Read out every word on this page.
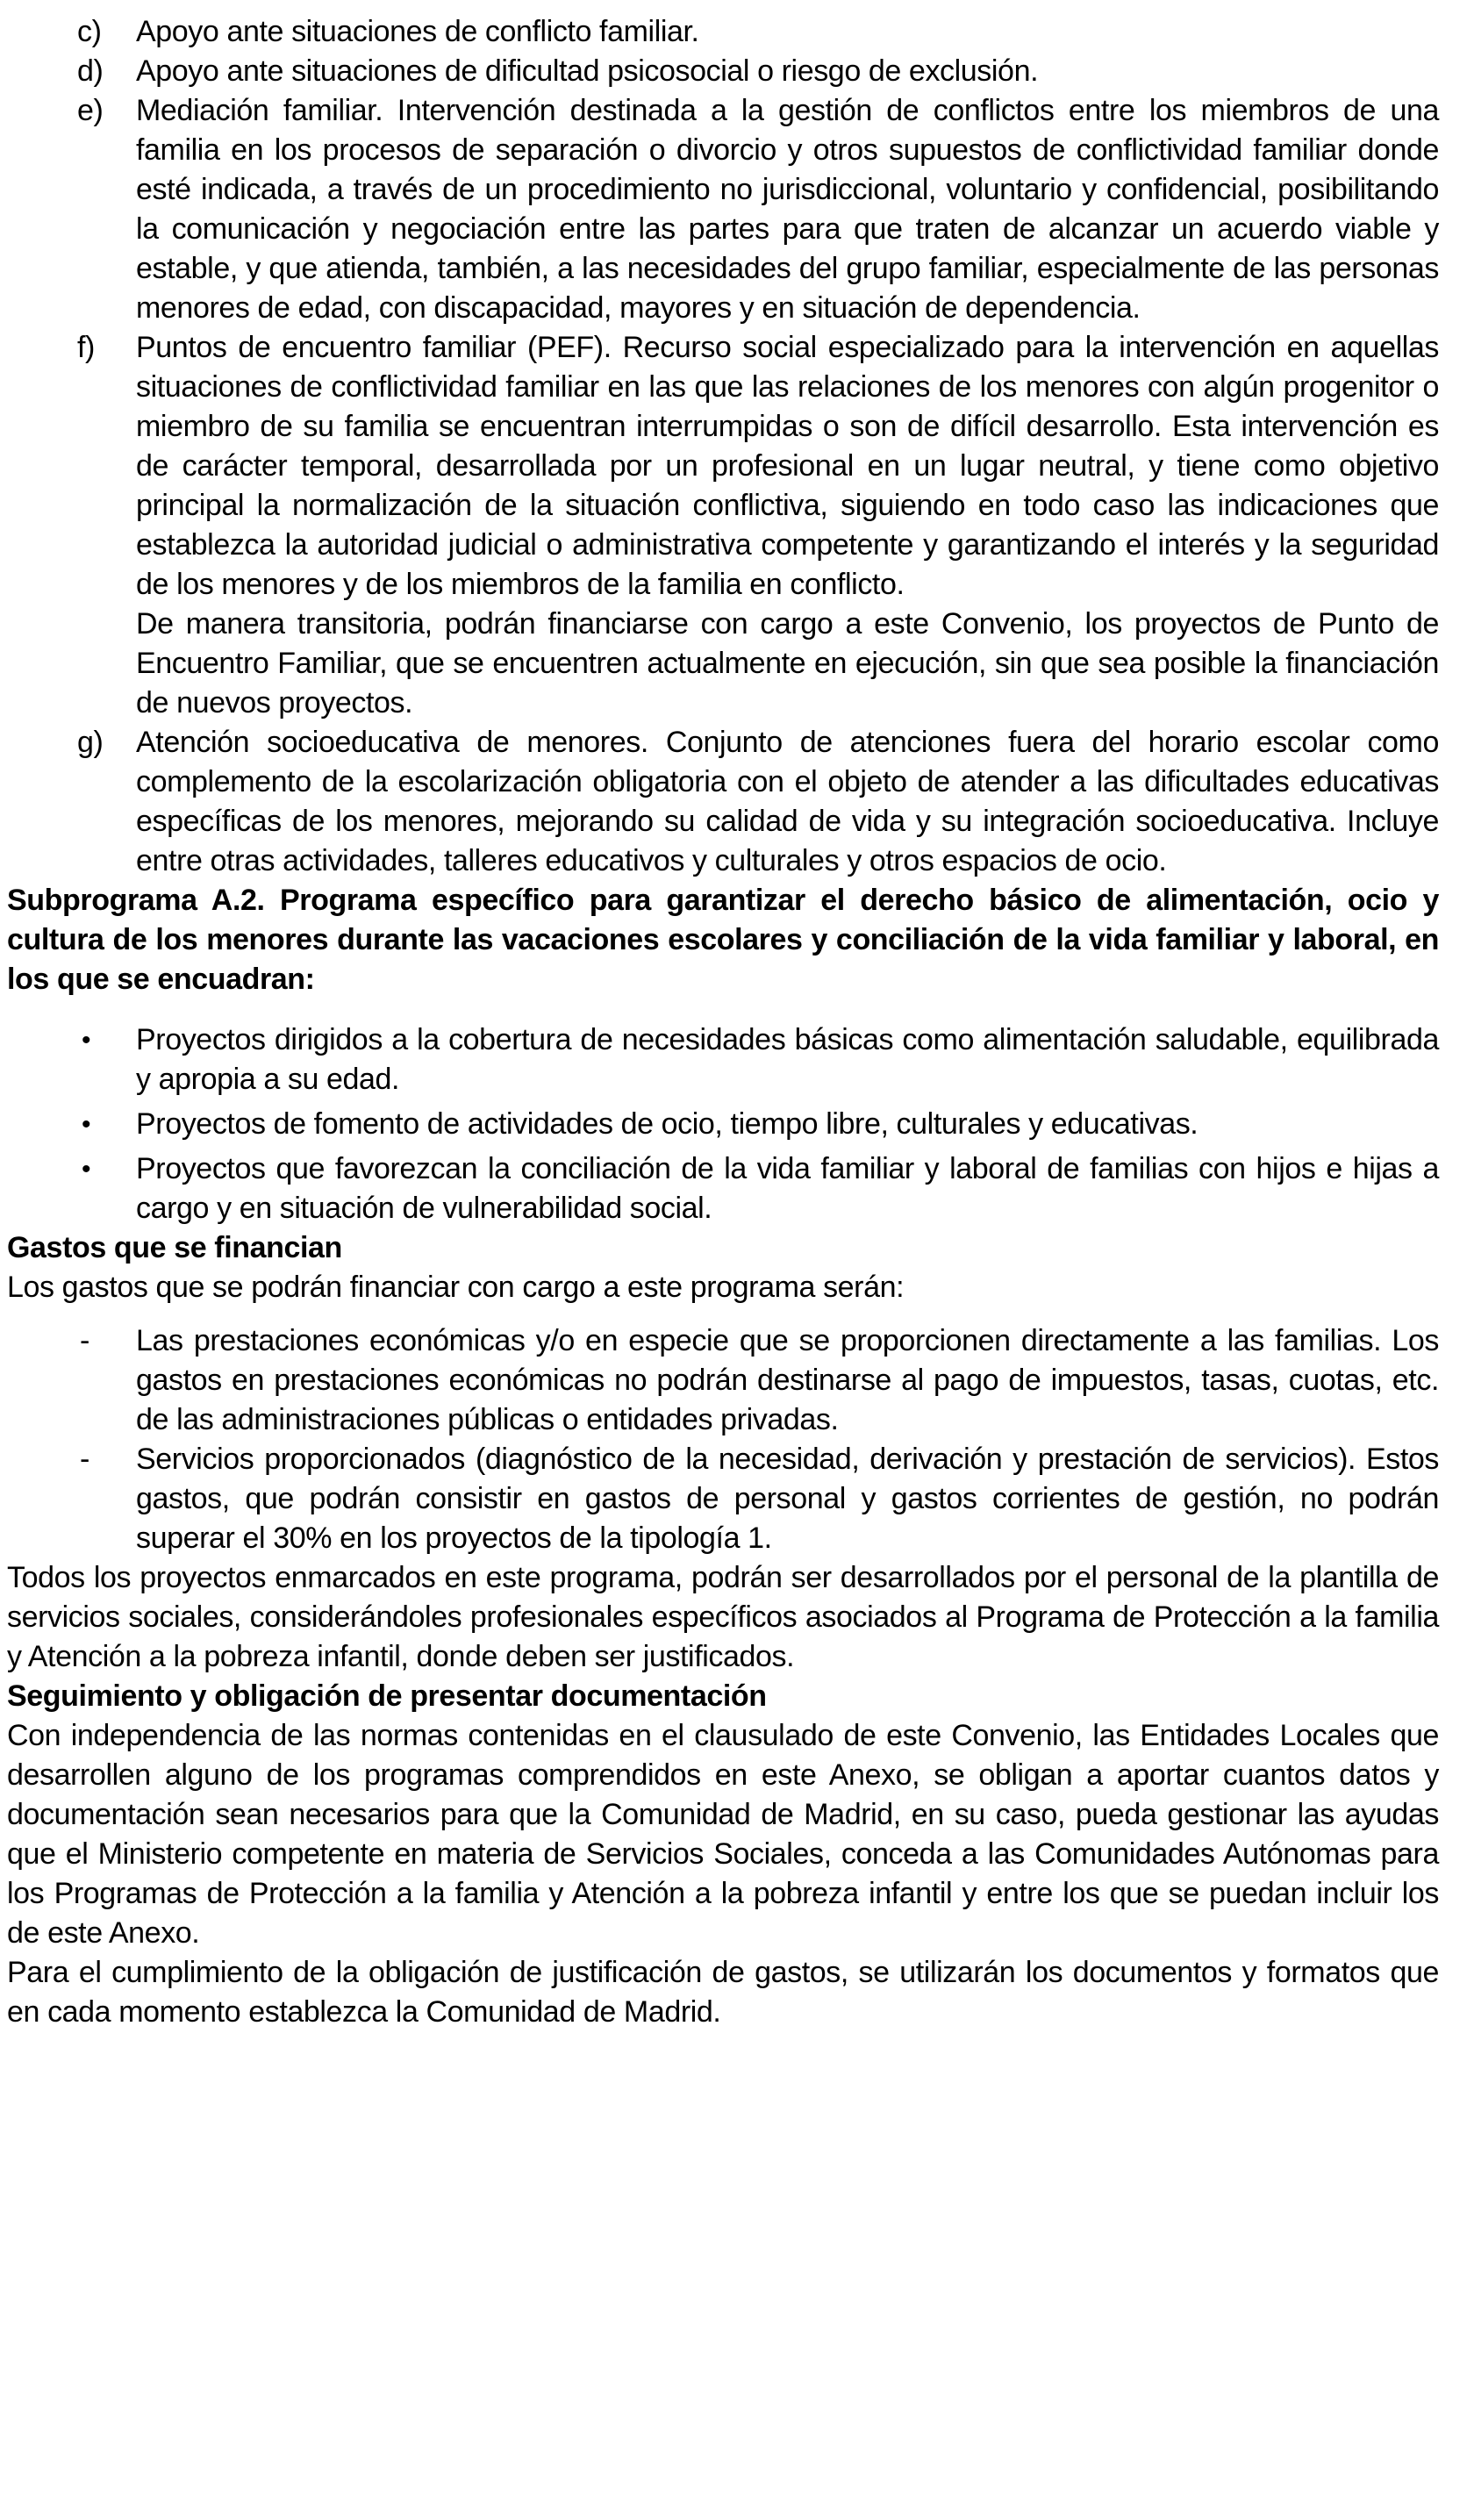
c) Apoyo ante situaciones de conflicto familiar.
d) Apoyo ante situaciones de dificultad psicosocial o riesgo de exclusión.
e) Mediación familiar. Intervención destinada a la gestión de conflictos entre los miembros de una familia en los procesos de separación o divorcio y otros supuestos de conflictividad familiar donde esté indicada, a través de un procedimiento no jurisdiccional, voluntario y confidencial, posibilitando la comunicación y negociación entre las partes para que traten de alcanzar un acuerdo viable y estable, y que atienda, también, a las necesidades del grupo familiar, especialmente de las personas menores de edad, con discapacidad, mayores y en situación de dependencia.
f) Puntos de encuentro familiar (PEF). Recurso social especializado para la intervención en aquellas situaciones de conflictividad familiar en las que las relaciones de los menores con algún progenitor o miembro de su familia se encuentran interrumpidas o son de difícil desarrollo. Esta intervención es de carácter temporal, desarrollada por un profesional en un lugar neutral, y tiene como objetivo principal la normalización de la situación conflictiva, siguiendo en todo caso las indicaciones que establezca la autoridad judicial o administrativa competente y garantizando el interés y la seguridad de los menores y de los miembros de la familia en conflicto.
De manera transitoria, podrán financiarse con cargo a este Convenio, los proyectos de Punto de Encuentro Familiar, que se encuentren actualmente en ejecución, sin que sea posible la financiación de nuevos proyectos.
g) Atención socioeducativa de menores. Conjunto de atenciones fuera del horario escolar como complemento de la escolarización obligatoria con el objeto de atender a las dificultades educativas específicas de los menores, mejorando su calidad de vida y su integración socioeducativa. Incluye entre otras actividades, talleres educativos y culturales y otros espacios de ocio.
Subprograma A.2. Programa específico para garantizar el derecho básico de alimentación, ocio y cultura de los menores durante las vacaciones escolares y conciliación de la vida familiar y laboral, en los que se encuadran:
• Proyectos dirigidos a la cobertura de necesidades básicas como alimentación saludable, equilibrada y apropia a su edad.
• Proyectos de fomento de actividades de ocio, tiempo libre, culturales y educativas.
• Proyectos que favorezcan la conciliación de la vida familiar y laboral de familias con hijos e hijas a cargo y en situación de vulnerabilidad social.
Gastos que se financian

Los gastos que se podrán financiar con cargo a este programa serán:

- Las prestaciones económicas y/o en especie que se proporcionen directamente a las familias. Los gastos en prestaciones económicas no podrán destinarse al pago de impuestos, tasas, cuotas, etc. de las administraciones públicas o entidades privadas.
- Servicios proporcionados (diagnóstico de la necesidad, derivación y prestación de servicios). Estos gastos, que podrán consistir en gastos de personal y gastos corrientes de gestión, no podrán superar el 30% en los proyectos de la tipología 1.

Todos los proyectos enmarcados en este programa, podrán ser desarrollados por el personal de la plantilla de servicios sociales, considerándoles profesionales específicos asociados al Programa de Protección a la familia y Atención a la pobreza infantil, donde deben ser justificados.

Seguimiento y obligación de presentar documentación

Con independencia de las normas contenidas en el clausulado de este Convenio, las Entidades Locales que desarrollen alguno de los programas comprendidos en este Anexo, se obligan a aportar cuantos datos y documentación sean necesarios para que la Comunidad de Madrid, en su caso, pueda gestionar las ayudas que el Ministerio competente en materia de Servicios Sociales, conceda a las Comunidades Autónomas para los Programas de Protección a la familia y Atención a la pobreza infantil y entre los que se puedan incluir los de este Anexo.

Para el cumplimiento de la obligación de justificación de gastos, se utilizarán los documentos y formatos que en cada momento establezca la Comunidad de Madrid.
